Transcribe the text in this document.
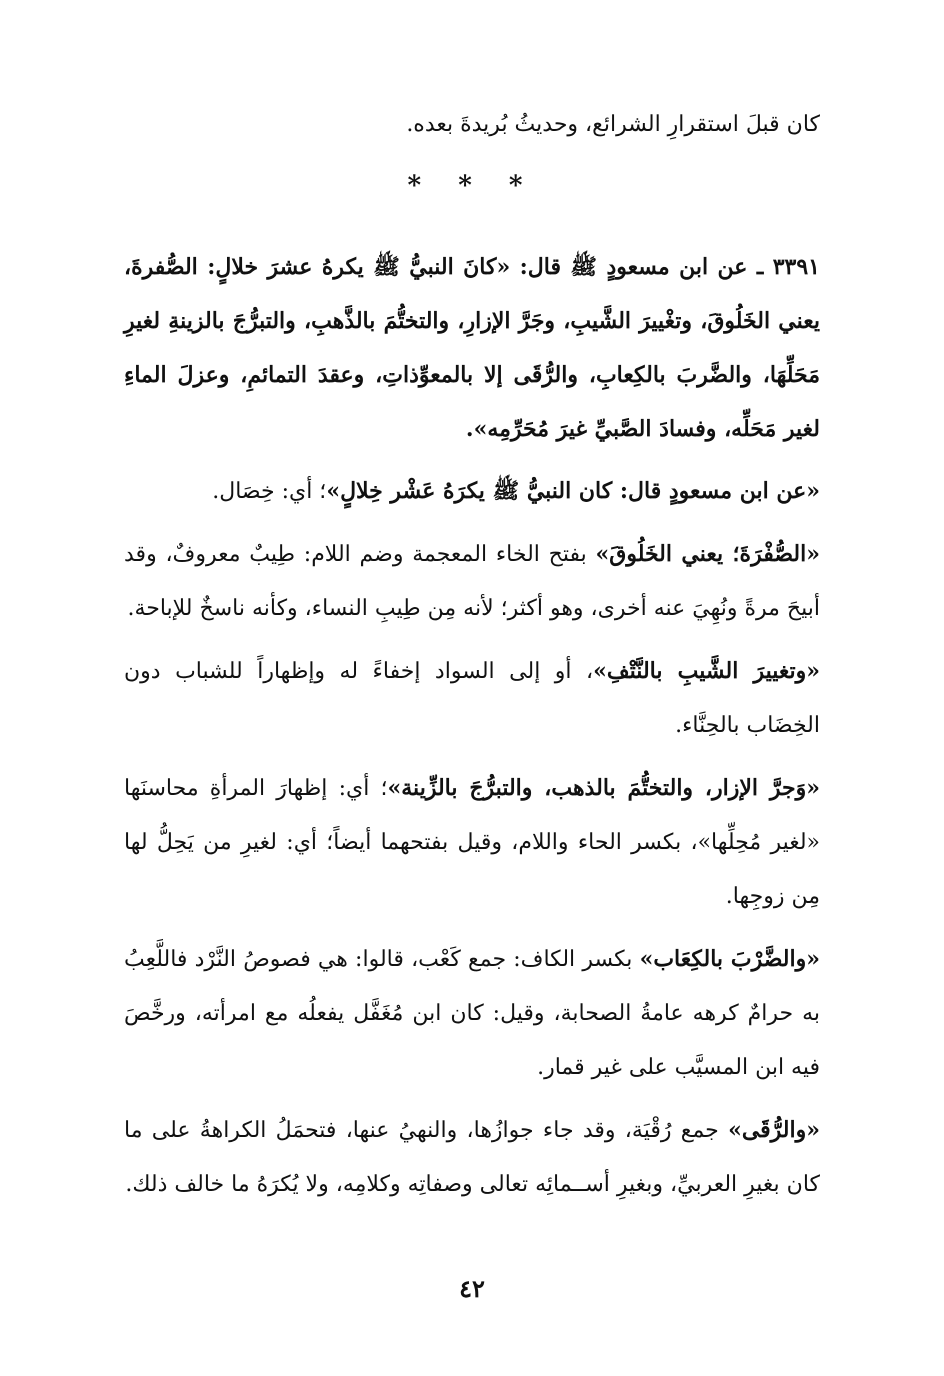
كان قبلَ استقرارِ الشرائع، وحديثُ بُريدةَ بعده.

* * *

٣٣٩١ ـ عن ابن مسعودٍ ﷺ قال: «كانَ النبيُّ ﷺ يكرهُ عشرَ خلالٍ: الصُّفرةَ، يعني الخَلُوقَ، وتغْييرَ الشَّيبِ، وجَرَّ الإزارِ، والتختُّمَ بالذَّهبِ، والتبرُّجَ بالزينةِ لغيرِ مَحَلِّهَا، والضَّربَ بالكِعابِ، والرُّقَى إلا بالمعوِّذاتِ، وعقدَ التمائمِ، وعزلَ الماءِ لغير مَحَلِّه، وفسادَ الصَّبيِّ غيرَ مُحَرِّمِه».

«عن ابن مسعودٍ قال: كان النبيُّ ﷺ يكرَهُ عَشْر خِلالٍ»؛ أي: خِصَال.

«الصُّفْرَةَ؛ يعني الخَلُوقَ» بفتح الخاء المعجمة وضم اللام: طِيبٌ معروفٌ، وقد أبيحَ مرةً ونُهِيَ عنه أخرى، وهو أكثر؛ لأنه مِن طِيبِ النساء، وكأنه ناسخٌ للإباحة.

«وتغييرَ الشَّيبِ بالنَّتْفِ»، أو إلى السواد إخفاءً له وإظهاراً للشباب دون الخِضَاب بالحِنَّاء.

«وَجرَّ الإزار، والتختُّمَ بالذهب، والتبرُّجَ بالزِّينة»؛ أي: إظهارَ المرأةِ محاسنَها «لغير مُحِلِّها»، بكسر الحاء واللام، وقيل بفتحهما أيضاً؛ أي: لغيرِ من يَحِلُّ لها مِن زوجِها.

«والضَّرْبَ بالكِعَاب» بكسر الكاف: جمع كَعْب، قالوا: هي فصوصُ النَّرْد فاللَّعِبُ به حرامٌ كرهه عامةُ الصحابة، وقيل: كان ابن مُغَفَّل يفعلُه مع امرأته، ورخَّصَ فيه ابن المسيَّب على غير قمار.

«والرُّقَى» جمع رُقْيَة، وقد جاء جوازُها، والنهيُ عنها، فتحمَلُ الكراهةُ على ما كان بغيرِ العربيِّ، وبغيرِ أســمائِه تعالى وصفاتِه وكلامِه، ولا يُكرَهُ ما خالف ذلك.

٤٢
